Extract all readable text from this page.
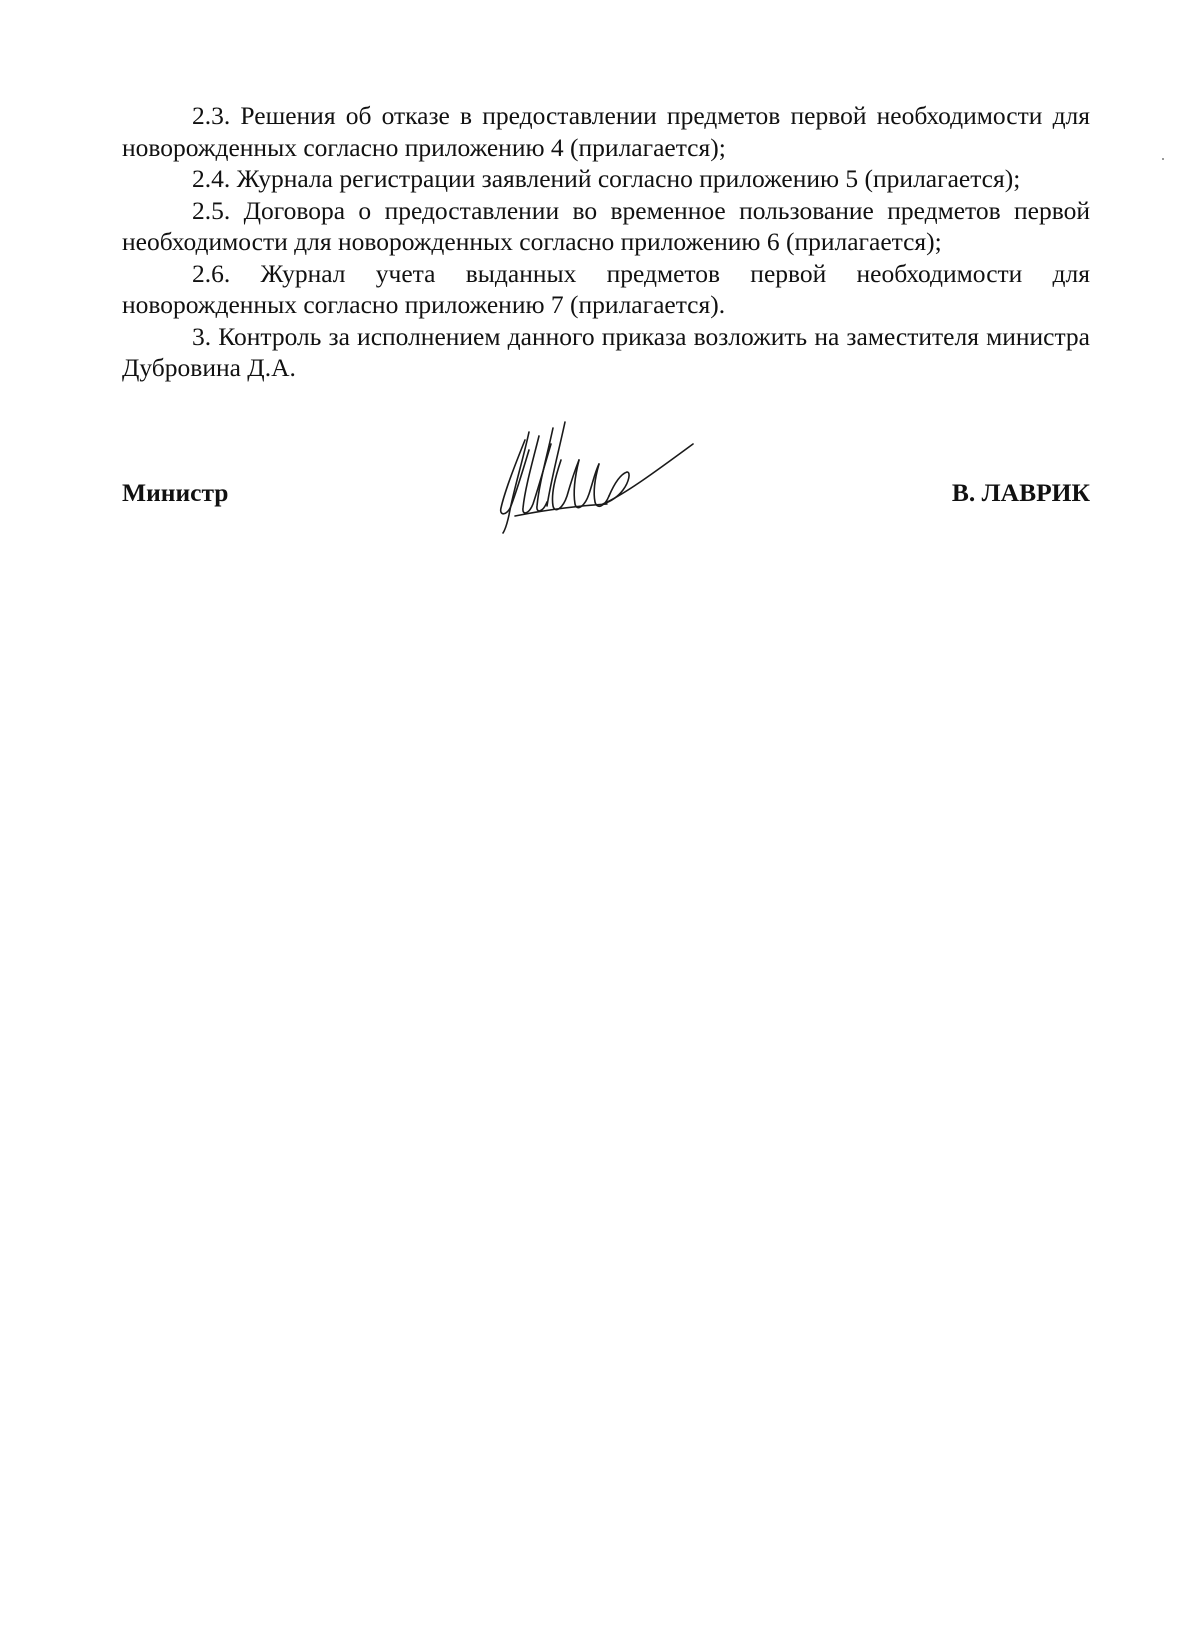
2.3. Решения об отказе в предоставлении предметов первой необходимости для новорожденных согласно приложению 4 (прилагается);

2.4. Журнала регистрации заявлений согласно приложению 5 (прилагается);

2.5. Договора о предоставлении во временное пользование предметов первой необходимости для новорожденных согласно приложению 6 (прилагается);

2.6. Журнал учета выданных предметов первой необходимости для новорожденных согласно приложению 7 (прилагается).

3. Контроль за исполнением данного приказа возложить на заместителя министра Дубровина Д.А.

Министр	В. ЛАВРИК
